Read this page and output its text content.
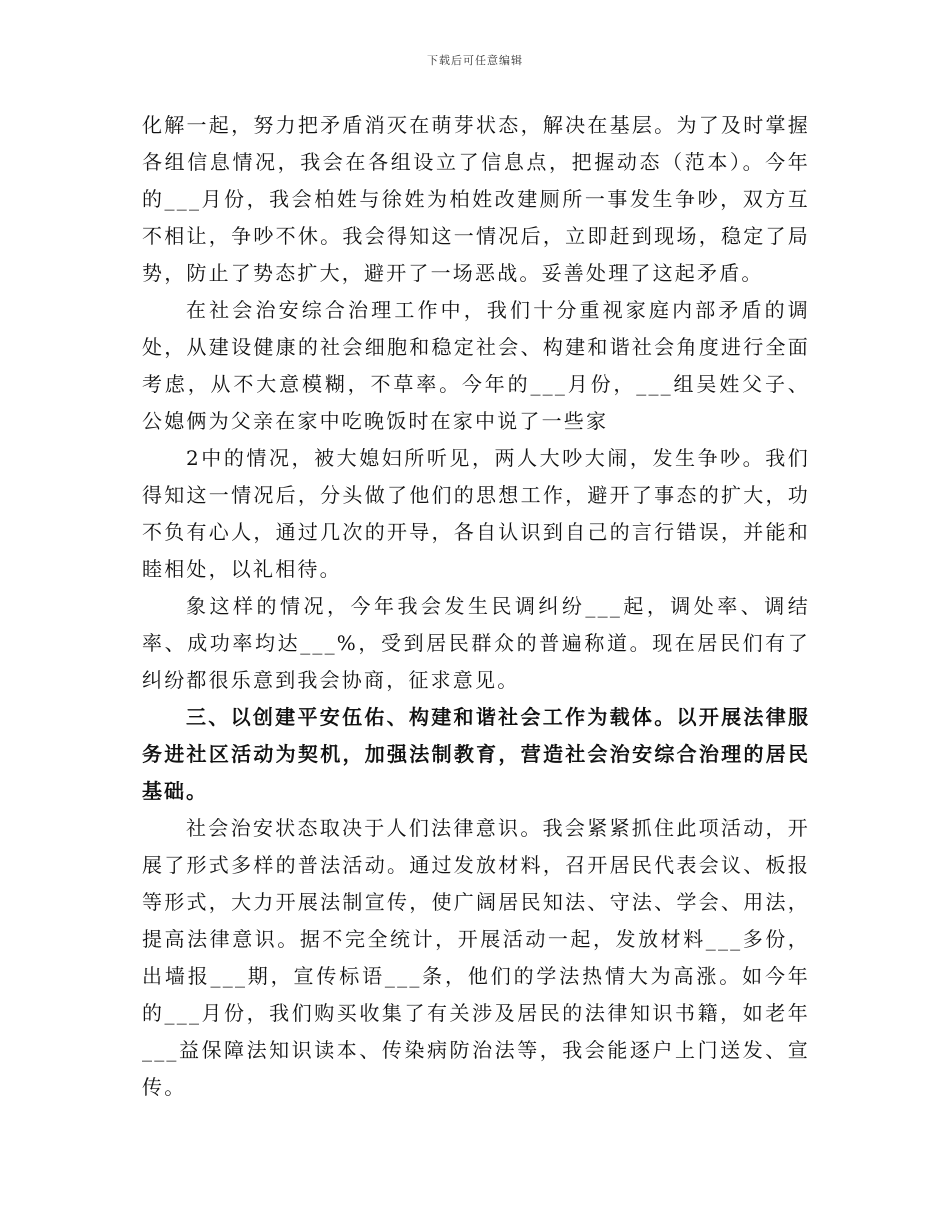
下载后可任意编辑

化解一起，努力把矛盾消灭在萌芽状态，解决在基层。为了及时掌握各组信息情况，我会在各组设立了信息点，把握动态（范本）。今年的___月份，我会柏姓与徐姓为柏姓改建厕所一事发生争吵，双方互不相让，争吵不休。我会得知这一情况后，立即赶到现场，稳定了局势，防止了势态扩大，避开了一场恶战。妥善处理了这起矛盾。

在社会治安综合治理工作中，我们十分重视家庭内部矛盾的调处，从建设健康的社会细胞和稳定社会、构建和谐社会角度进行全面考虑，从不大意模糊，不草率。今年的___月份，___组吴姓父子、公媳俩为父亲在家中吃晚饭时在家中说了一些家

2中的情况，被大媳妇所听见，两人大吵大闹，发生争吵。我们得知这一情况后，分头做了他们的思想工作，避开了事态的扩大，功不负有心人，通过几次的开导，各自认识到自己的言行错误，并能和睦相处，以礼相待。

象这样的情况，今年我会发生民调纠纷___起，调处率、调结率、成功率均达___%，受到居民群众的普遍称道。现在居民们有了纠纷都很乐意到我会协商，征求意见。

三、以创建平安伍佑、构建和谐社会工作为载体。以开展法律服务进社区活动为契机，加强法制教育，营造社会治安综合治理的居民基础。

社会治安状态取决于人们法律意识。我会紧紧抓住此项活动，开展了形式多样的普法活动。通过发放材料，召开居民代表会议、板报等形式，大力开展法制宣传，使广阔居民知法、守法、学会、用法，提高法律意识。据不完全统计，开展活动一起，发放材料___多份，出墙报___期，宣传标语___条，他们的学法热情大为高涨。如今年的___月份，我们购买收集了有关涉及居民的法律知识书籍，如老年___益保障法知识读本、传染病防治法等，我会能逐户上门送发、宣传。
